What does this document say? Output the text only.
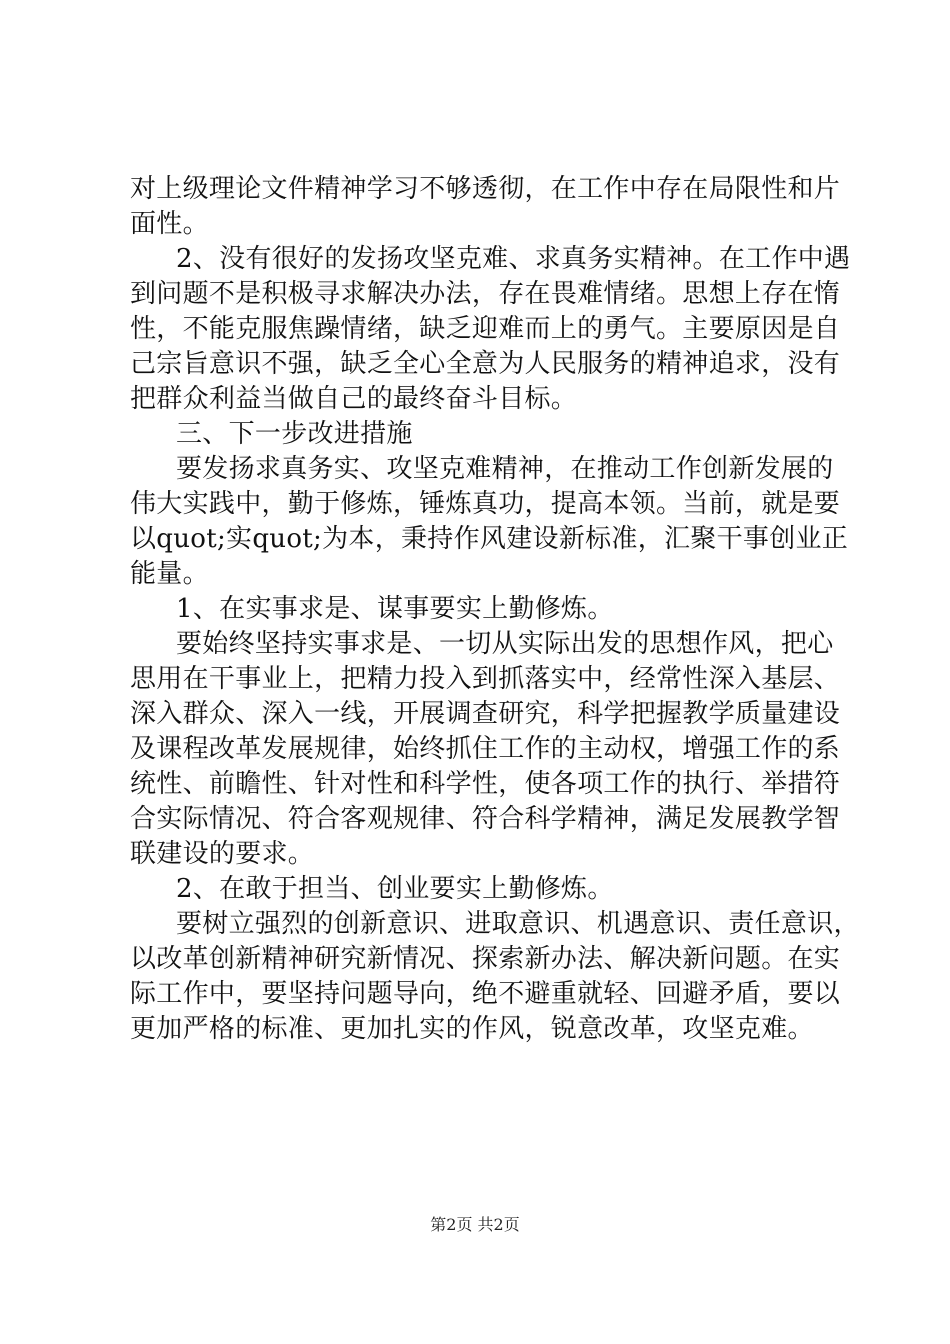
对上级理论文件精神学习不够透彻，在工作中存在局限性和片
面性。
2、没有很好的发扬攻坚克难、求真务实精神。在工作中遇
到问题不是积极寻求解决办法，存在畏难情绪。思想上存在惰
性，不能克服焦躁情绪，缺乏迎难而上的勇气。主要原因是自
己宗旨意识不强，缺乏全心全意为人民服务的精神追求，没有
把群众利益当做自己的最终奋斗目标。
三、下一步改进措施
要发扬求真务实、攻坚克难精神，在推动工作创新发展的
伟大实践中，勤于修炼，锤炼真功，提高本领。当前，就是要
以quot;实quot;为本，秉持作风建设新标准，汇聚干事创业正
能量。
1、在实事求是、谋事要实上勤修炼。
要始终坚持实事求是、一切从实际出发的思想作风，把心
思用在干事业上，把精力投入到抓落实中，经常性深入基层、
深入群众、深入一线，开展调查研究，科学把握教学质量建设
及课程改革发展规律，始终抓住工作的主动权，增强工作的系
统性、前瞻性、针对性和科学性，使各项工作的执行、举措符
合实际情况、符合客观规律、符合科学精神，满足发展教学智
联建设的要求。
2、在敢于担当、创业要实上勤修炼。
要树立强烈的创新意识、进取意识、机遇意识、责任意识，
以改革创新精神研究新情况、探索新办法、解决新问题。在实
际工作中，要坚持问题导向，绝不避重就轻、回避矛盾，要以
更加严格的标准、更加扎实的作风，锐意改革，攻坚克难。
第2页 共2页
